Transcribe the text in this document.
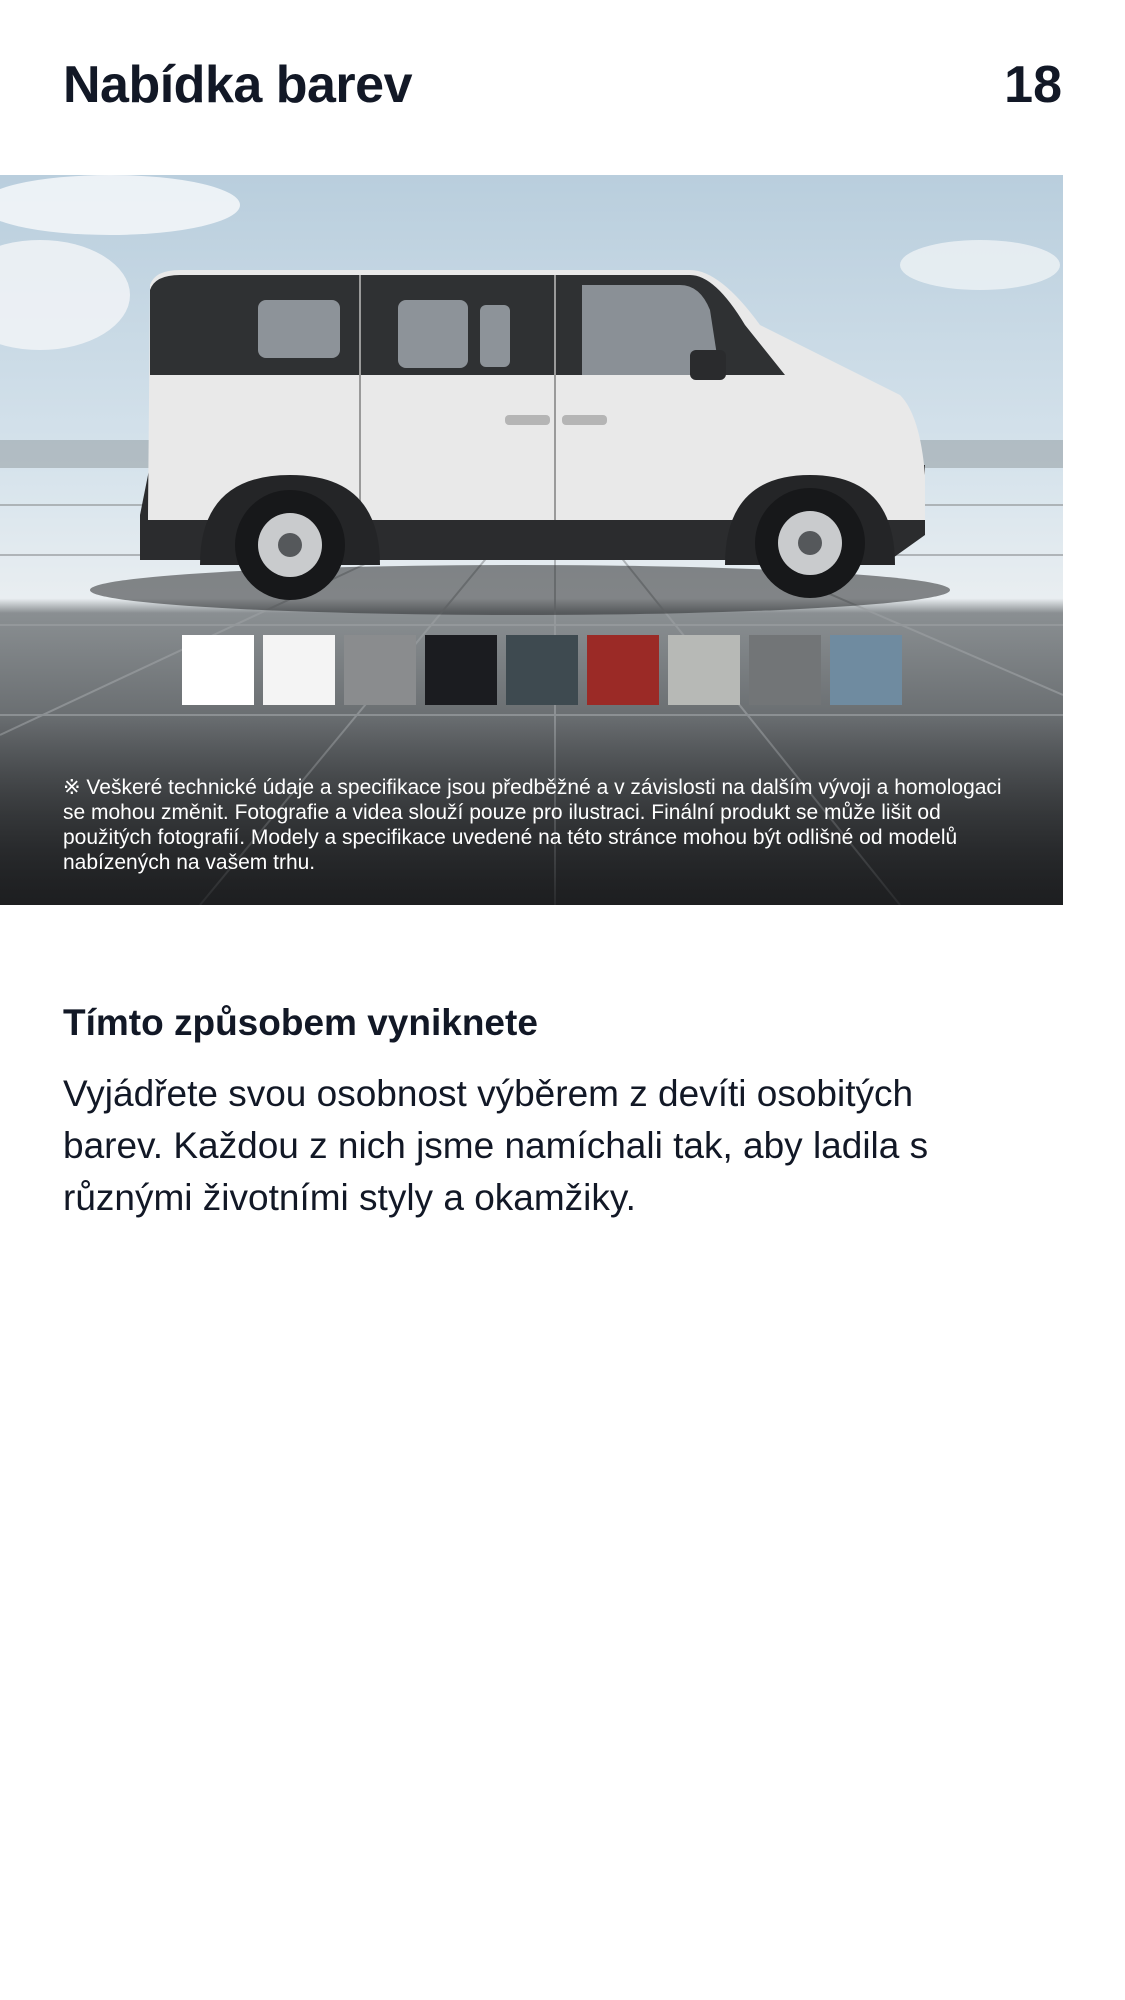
Nabídka barev	18
※ Veškeré technické údaje a specifikace jsou předběžné a v závislosti na dalším vývoji a homologaci se mohou změnit. Fotografie a videa slouží pouze pro ilustraci. Finální produkt se může lišit od použitých fotografií. Modely a specifikace uvedené na této stránce mohou být odlišné od modelů nabízených na vašem trhu.
Tímto způsobem vyniknete
Vyjádřete svou osobnost výběrem z devíti osobitých barev. Každou z nich jsme namíchali tak, aby ladila s různými životními styly a okamžiky.
